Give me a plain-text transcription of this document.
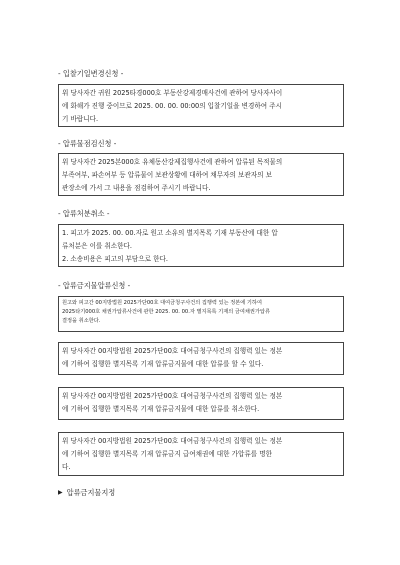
- 입찰기일변경신청 -

위 당사자간 귀원 2025타경000호 부동산강제경매사건에 관하여 당사자사이

에 화해가 진행 중이므로 2025. 00. 00. 00:00의 입찰기일을 변경하여 주시

기 바랍니다.

- 압류물점검신청 -

위 당사자간 2025본000호 유체동산강제집행사건에 관하여 압류된 목적물의

부족여부, 파손여부 등 압류물이 보관상황에 대하여 채무자의 보관자의 보

관장소에 가서 그 내용을 점검하여 주시기 바랍니다.

- 압류처분취소 -

1. 피고가 2025. 00. 00.자로 원고 소유의 별지목록 기재 부동산에 대한 압

류처분은 이를 취소한다.

2. 소송비용은 피고의 부담으로 한다.

- 압류금지물압류신청 -

원고와 피고간 00지방법원 2025가단00호 대여금청구사건의 집행력 있는 정본에 기하여

2025타기000호 채권가압류사건에 관한 2025. 00. 00.자 별지목록 기재의 금여채권가압류

결정을 취소한다.

위 당사자간 00지방법원 2025가단00호 대여금청구사건의 집행력 있는 정본

에 기하여 집행한 별지목록 기재 압류금지물에 대한 압류를 할 수 있다.

위 당사자간 00지방법원 2025가단00호 대여금청구사건의 집행력 있는 정본

에 기하여 집행한 별지목록 기재 압류금지물에 대한 압류를 취소한다.

위 당사자간 00지방법원 2025가단00호 대여금청구사건의 집행력 있는 정본

에 기하여 집행한 별지목록 기재 압류금지 급여채권에 대한 가압류를 명한

다.

▶ 압류금지물지정
